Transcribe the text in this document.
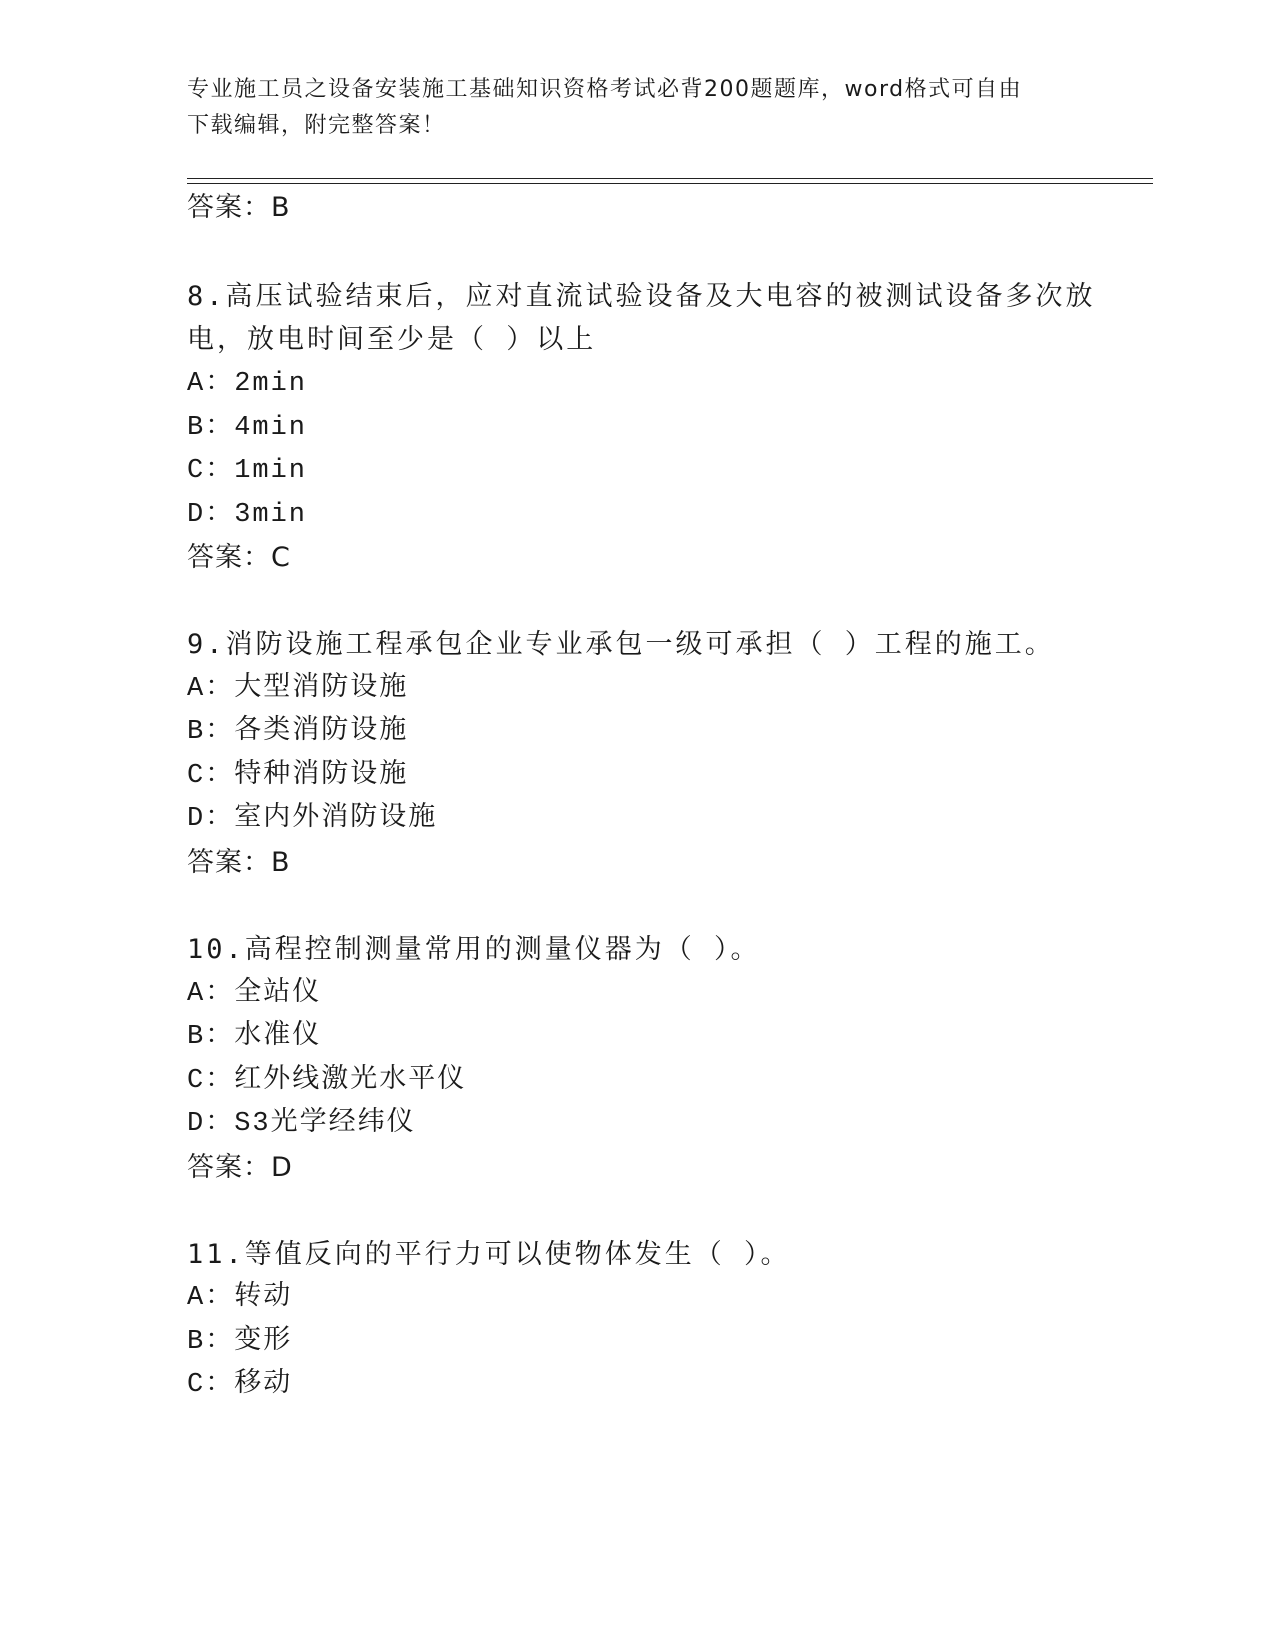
专业施工员之设备安装施工基础知识资格考试必背200题题库，word格式可自由
下载编辑，附完整答案！
答案：B
8.高压试验结束后，应对直流试验设备及大电容的被测试设备多次放
电，放电时间至少是（ ）以上
A：2min
B：4min
C：1min
D：3min
答案：C
9.消防设施工程承包企业专业承包一级可承担（ ）工程的施工。
A：大型消防设施
B：各类消防设施
C：特种消防设施
D：室内外消防设施
答案：B
10.高程控制测量常用的测量仪器为（ ）。
A：全站仪
B：水准仪
C：红外线激光水平仪
D：S3光学经纬仪
答案：D
11.等值反向的平行力可以使物体发生（ ）。
A：转动
B：变形
C：移动
